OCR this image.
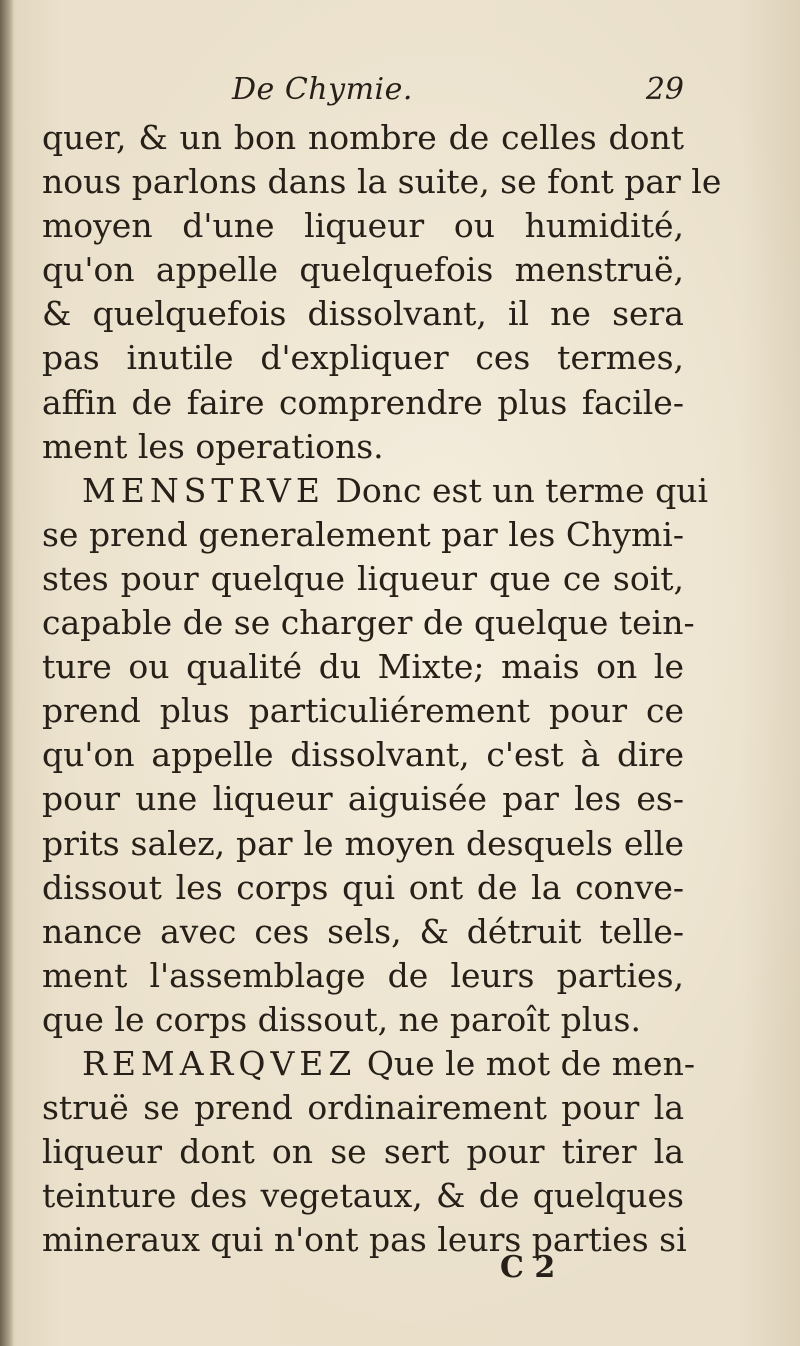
De Chymie.	29
quer, & un bon nombre de celles dont
nous parlons dans la suite, se font par le
moyen d'une liqueur ou humidité,
qu'on appelle quelquefois menstruë,
& quelquefois dissolvant, il ne sera
pas inutile d'expliquer ces termes,
affin de faire comprendre plus facile-
ment les operations.
MENSTRVE Donc est un terme qui
se prend generalement par les Chymi-
stes pour quelque liqueur que ce soit,
capable de se charger de quelque tein-
ture ou qualité du Mixte; mais on le
prend plus particuliérement pour ce
qu'on appelle dissolvant, c'est à dire
pour une liqueur aiguisée par les es-
prits salez, par le moyen desquels elle
dissout les corps qui ont de la conve-
nance avec ces sels, & détruit telle-
ment l'assemblage de leurs parties,
que le corps dissout, ne paroît plus.
REMARQVEZ Que le mot de men-
struë se prend ordinairement pour la
liqueur dont on se sert pour tirer la
teinture des vegetaux, & de quelques
mineraux qui n'ont pas leurs parties si
C 2
